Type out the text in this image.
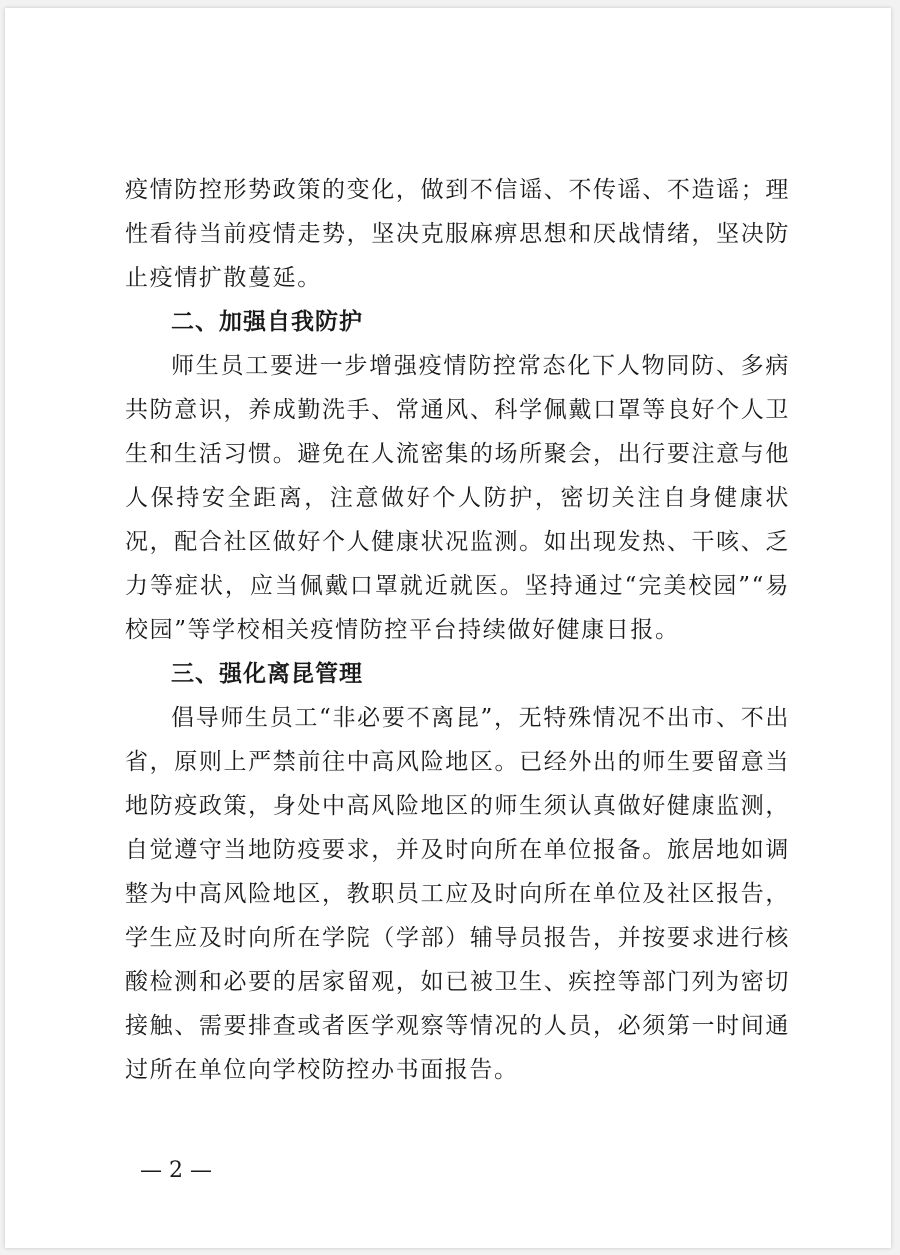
疫情防控形势政策的变化，做到不信谣、不传谣、不造谣；理性看待当前疫情走势，坚决克服麻痹思想和厌战情绪，坚决防止疫情扩散蔓延。

二、加强自我防护

师生员工要进一步增强疫情防控常态化下人物同防、多病共防意识，养成勤洗手、常通风、科学佩戴口罩等良好个人卫生和生活习惯。避免在人流密集的场所聚会，出行要注意与他人保持安全距离，注意做好个人防护，密切关注自身健康状况，配合社区做好个人健康状况监测。如出现发热、干咳、乏力等症状，应当佩戴口罩就近就医。坚持通过“完美校园”“易校园”等学校相关疫情防控平台持续做好健康日报。

三、强化离昆管理

倡导师生员工“非必要不离昆”，无特殊情况不出市、不出省，原则上严禁前往中高风险地区。已经外出的师生要留意当地防疫政策，身处中高风险地区的师生须认真做好健康监测，自觉遵守当地防疫要求，并及时向所在单位报备。旅居地如调整为中高风险地区，教职员工应及时向所在单位及社区报告，学生应及时向所在学院（学部）辅导员报告，并按要求进行核酸检测和必要的居家留观，如已被卫生、疾控等部门列为密切接触、需要排查或者医学观察等情况的人员，必须第一时间通过所在单位向学校防控办书面报告。

— 2 —
